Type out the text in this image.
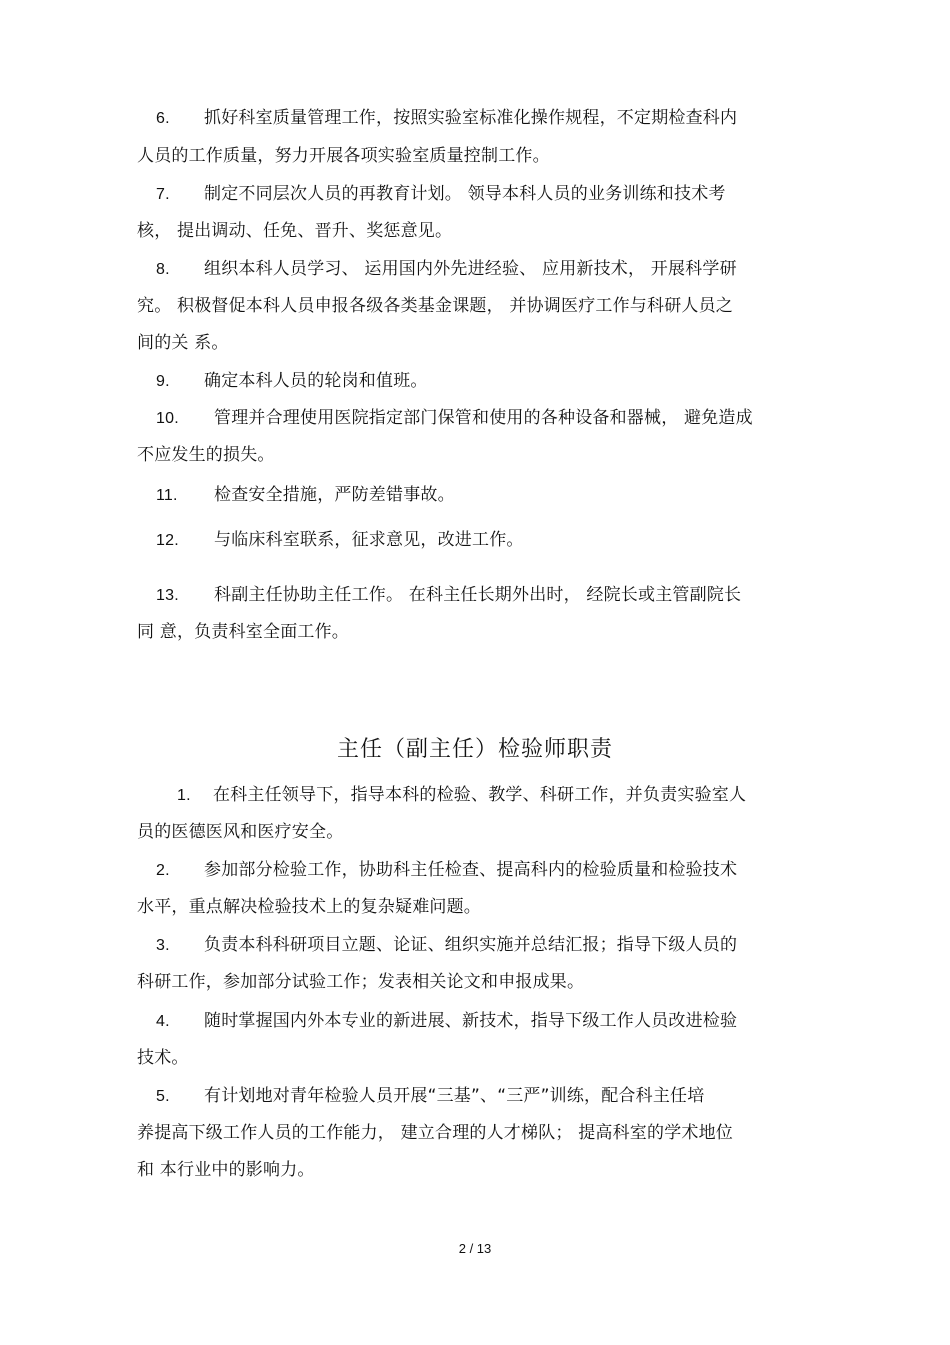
6. 抓好科室质量管理工作，按照实验室标准化操作规程，不定期检查科内
人员的工作质量，努力开展各项实验室质量控制工作。
7. 制定不同层次人员的再教育计划。 领导本科人员的业务训练和技术考
核， 提出调动、任免、晋升、奖惩意见。
8. 组织本科人员学习、 运用国内外先进经验、 应用新技术， 开展科学研
究。 积极督促本科人员申报各级各类基金课题， 并协调医疗工作与科研人员之
间的关 系。
9. 确定本科人员的轮岗和值班。
10. 管理并合理使用医院指定部门保管和使用的各种设备和器械， 避免造成
不应发生的损失。
11. 检查安全措施，严防差错事故。
12. 与临床科室联系，征求意见，改进工作。
13. 科副主任协助主任工作。 在科主任长期外出时， 经院长或主管副院长
同 意，负责科室全面工作。
主任（副主任）检验师职责
1. 在科主任领导下，指导本科的检验、教学、科研工作，并负责实验室人
员的医德医风和医疗安全。
2. 参加部分检验工作，协助科主任检查、提高科内的检验质量和检验技术
水平，重点解决检验技术上的复杂疑难问题。
3. 负责本科科研项目立题、论证、组织实施并总结汇报；指导下级人员的
科研工作，参加部分试验工作；发表相关论文和申报成果。
4. 随时掌握国内外本专业的新进展、新技术，指导下级工作人员改进检验
技术。
5. 有计划地对青年检验人员开展“三基”、“三严”训练，配合科主任培
养提高下级工作人员的工作能力， 建立合理的人才梯队； 提高科室的学术地位
和 本行业中的影响力。
2 / 13
